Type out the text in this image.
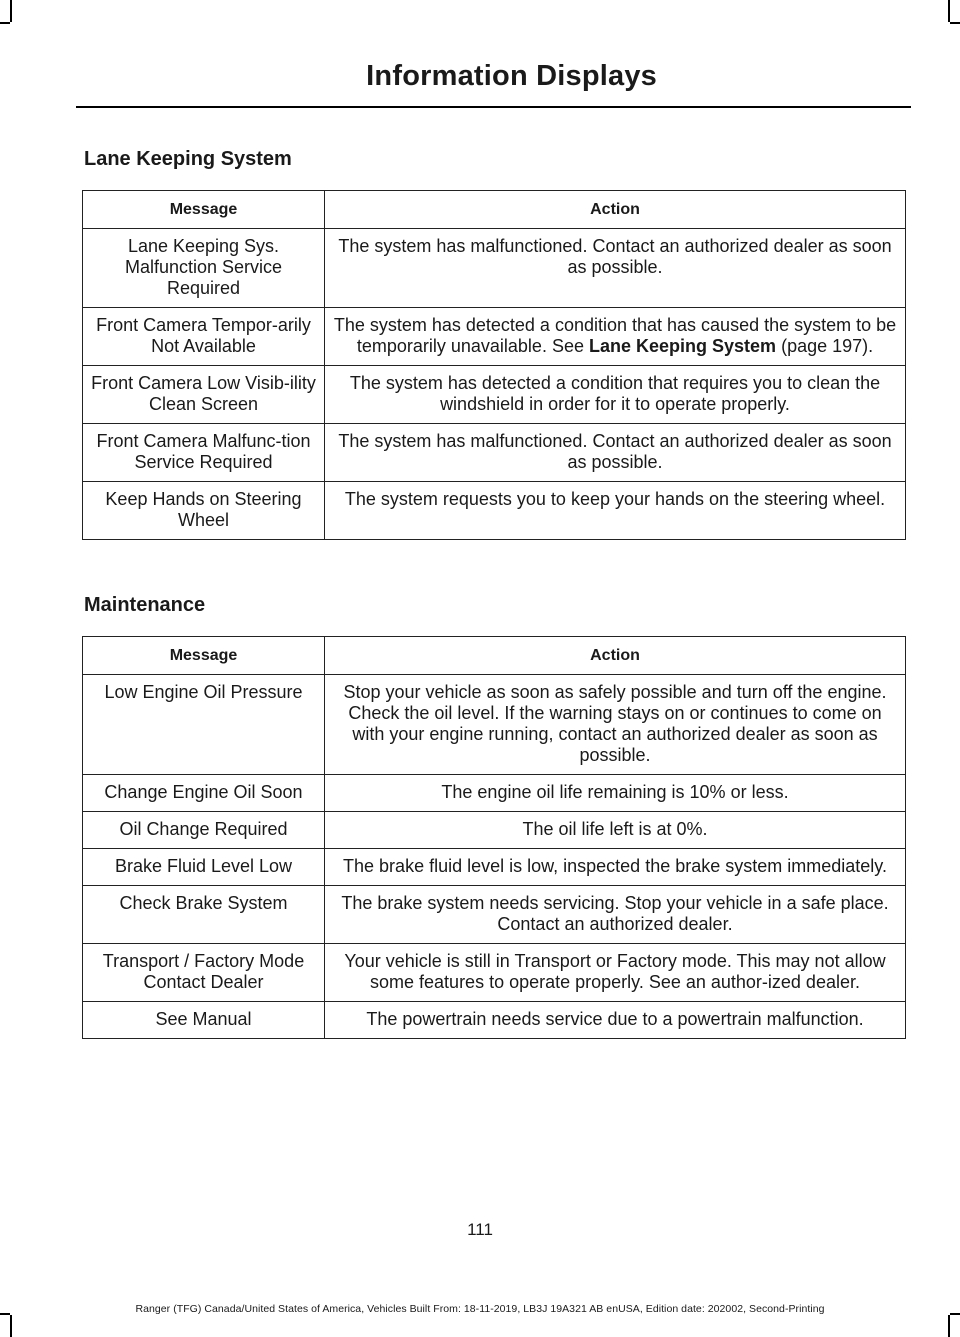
Information Displays
Lane Keeping System
Message	Action
Lane Keeping Sys. Malfunction Service Required	The system has malfunctioned. Contact an authorized dealer as soon as possible.
Front Camera Tempor-arily Not Available	The system has detected a condition that has caused the system to be temporarily unavailable. See Lane Keeping System (page 197).
Front Camera Low Visib-ility Clean Screen	The system has detected a condition that requires you to clean the windshield in order for it to operate properly.
Front Camera Malfunc-tion Service Required	The system has malfunctioned. Contact an authorized dealer as soon as possible.
Keep Hands on Steering Wheel	The system requests you to keep your hands on the steering wheel.
Maintenance
Message	Action
Low Engine Oil Pressure	Stop your vehicle as soon as safely possible and turn off the engine. Check the oil level. If the warning stays on or continues to come on with your engine running, contact an authorized dealer as soon as possible.
Change Engine Oil Soon	The engine oil life remaining is 10% or less.
Oil Change Required	The oil life left is at 0%.
Brake Fluid Level Low	The brake fluid level is low, inspected the brake system immediately.
Check Brake System	The brake system needs servicing. Stop your vehicle in a safe place. Contact an authorized dealer.
Transport / Factory Mode Contact Dealer	Your vehicle is still in Transport or Factory mode. This may not allow some features to operate properly. See an author-ized dealer.
See Manual	The powertrain needs service due to a powertrain malfunction.
111
Ranger (TFG) Canada/United States of America, Vehicles Built From: 18-11-2019, LB3J 19A321 AB enUSA, Edition date: 202002, Second-Printing
